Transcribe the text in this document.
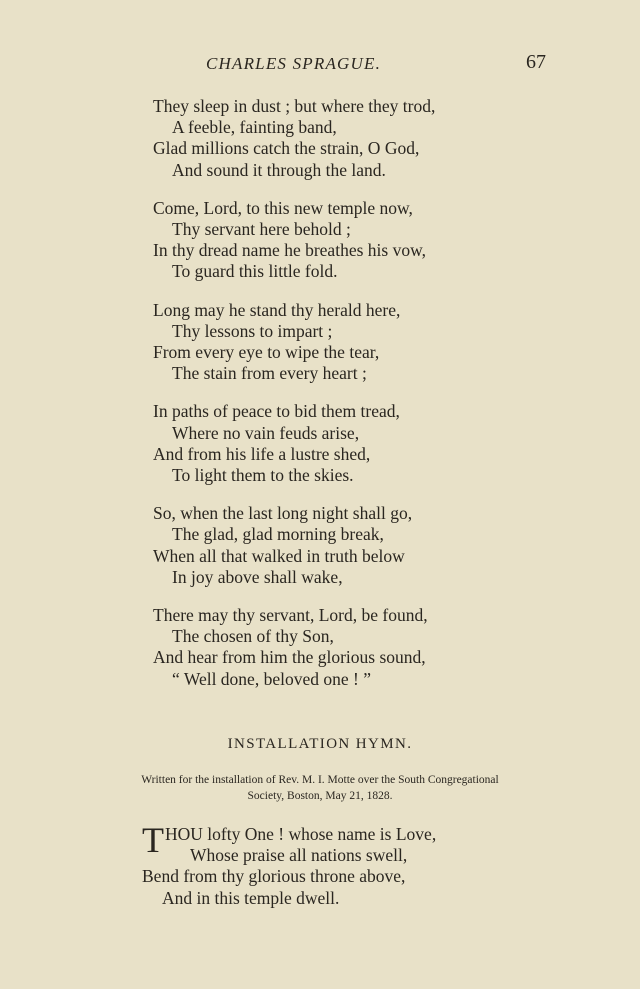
CHARLES SPRAGUE.	67
They sleep in dust ; but where they trod,
A feeble, fainting band,
Glad millions catch the strain, O God,
And sound it through the land.
Come, Lord, to this new temple now,
Thy servant here behold ;
In thy dread name he breathes his vow,
To guard this little fold.
Long may he stand thy herald here,
Thy lessons to impart ;
From every eye to wipe the tear,
The stain from every heart ;
In paths of peace to bid them tread,
Where no vain feuds arise,
And from his life a lustre shed,
To light them to the skies.
So, when the last long night shall go,
The glad, glad morning break,
When all that walked in truth below
In joy above shall wake,
There may thy servant, Lord, be found,
The chosen of thy Son,
And hear from him the glorious sound,
“ Well done, beloved one ! ”
INSTALLATION HYMN.
Written for the installation of Rev. M. I. Motte over the South Congregational
Society, Boston, May 21, 1828.
T HOU lofty One ! whose name is Love,
Whose praise all nations swell,
Bend from thy glorious throne above,
And in this temple dwell.
